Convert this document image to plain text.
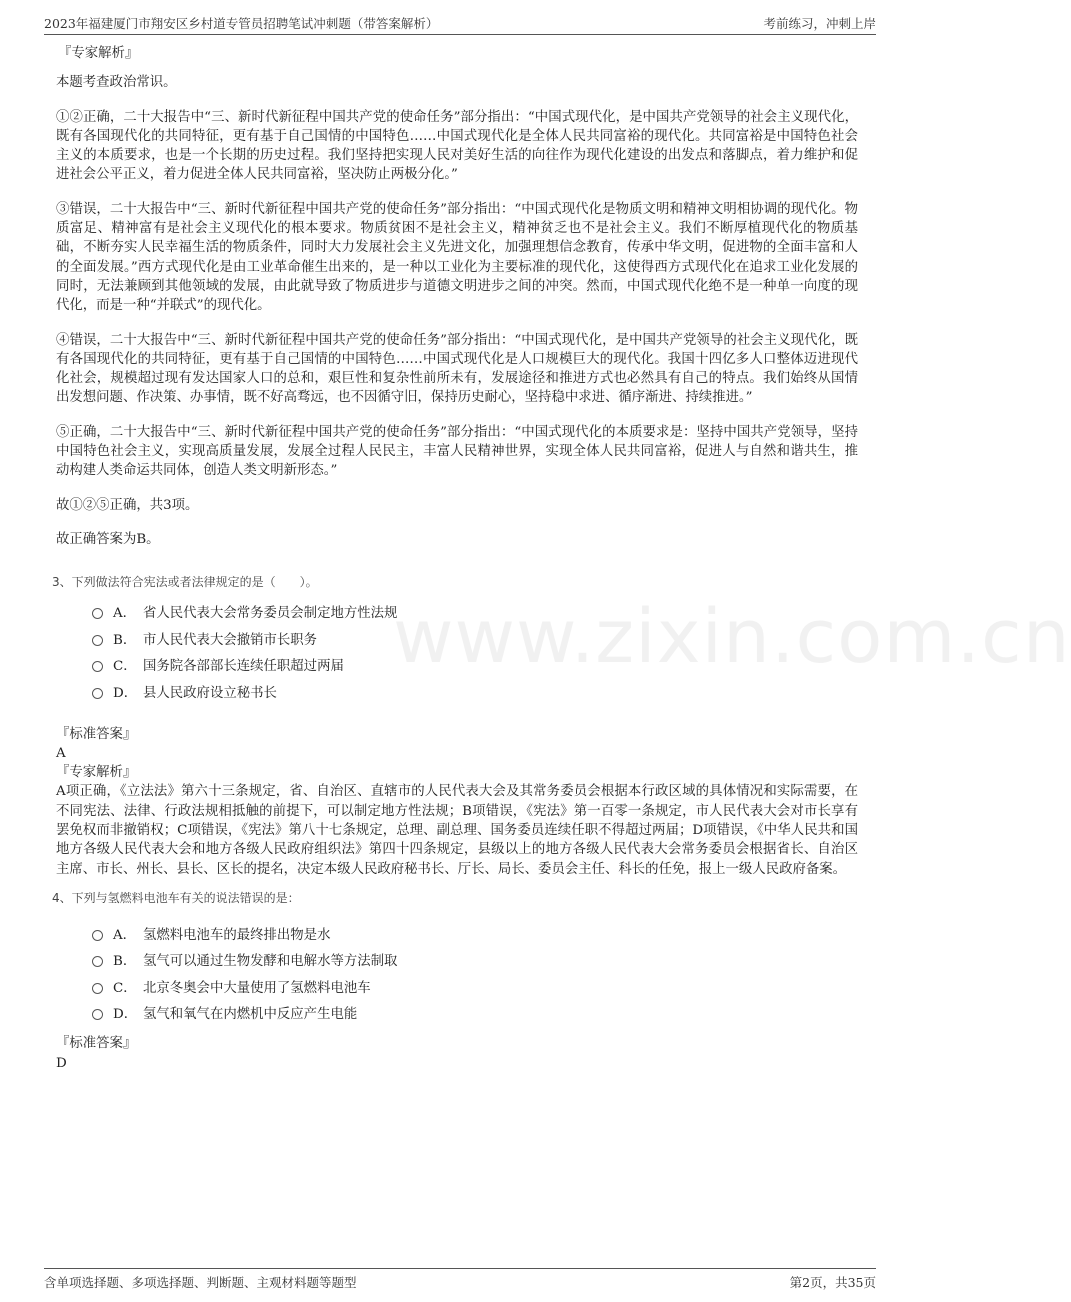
2023年福建厦门市翔安区乡村道专管员招聘笔试冲刺题（带答案解析）	考前练习，冲刺上岸
www.zixin.com.cn

『专家解析』

本题考查政治常识。

①②正确，二十大报告中“三、新时代新征程中国共产党的使命任务”部分指出：“中国式现代化，是中国共产党领导的社会主义现代化，既有各国现代化的共同特征，更有基于自己国情的中国特色……中国式现代化是全体人民共同富裕的现代化。共同富裕是中国特色社会主义的本质要求，也是一个长期的历史过程。我们坚持把实现人民对美好生活的向往作为现代化建设的出发点和落脚点，着力维护和促进社会公平正义，着力促进全体人民共同富裕，坚决防止两极分化。”

③错误，二十大报告中“三、新时代新征程中国共产党的使命任务”部分指出：“中国式现代化是物质文明和精神文明相协调的现代化。物质富足、精神富有是社会主义现代化的根本要求。物质贫困不是社会主义，精神贫乏也不是社会主义。我们不断厚植现代化的物质基础，不断夯实人民幸福生活的物质条件，同时大力发展社会主义先进文化，加强理想信念教育，传承中华文明，促进物的全面丰富和人的全面发展。”西方式现代化是由工业革命催生出来的，是一种以工业化为主要标准的现代化，这使得西方式现代化在追求工业化发展的同时，无法兼顾到其他领域的发展，由此就导致了物质进步与道德文明进步之间的冲突。然而，中国式现代化绝不是一种单一向度的现代化，而是一种“并联式”的现代化。

④错误，二十大报告中“三、新时代新征程中国共产党的使命任务”部分指出：“中国式现代化，是中国共产党领导的社会主义现代化，既有各国现代化的共同特征，更有基于自己国情的中国特色……中国式现代化是人口规模巨大的现代化。我国十四亿多人口整体迈进现代化社会，规模超过现有发达国家人口的总和，艰巨性和复杂性前所未有，发展途径和推进方式也必然具有自己的特点。我们始终从国情出发想问题、作决策、办事情，既不好高骛远，也不因循守旧，保持历史耐心，坚持稳中求进、循序渐进、持续推进。”

⑤正确，二十大报告中“三、新时代新征程中国共产党的使命任务”部分指出：“中国式现代化的本质要求是：坚持中国共产党领导，坚持中国特色社会主义，实现高质量发展，发展全过程人民民主，丰富人民精神世界，实现全体人民共同富裕，促进人与自然和谐共生，推动构建人类命运共同体，创造人类文明新形态。”

故①②⑤正确，共3项。

故正确答案为B。

3、下列做法符合宪法或者法律规定的是（　　）。

A． 省人民代表大会常务委员会制定地方性法规
B． 市人民代表大会撤销市长职务
C． 国务院各部部长连续任职超过两届
D． 县人民政府设立秘书长

『标准答案』

A

『专家解析』

A项正确，《立法法》第六十三条规定，省、自治区、直辖市的人民代表大会及其常务委员会根据本行政区域的具体情况和实际需要，在不同宪法、法律、行政法规相抵触的前提下，可以制定地方性法规；B项错误，《宪法》第一百零一条规定，市人民代表大会对市长享有罢免权而非撤销权；C项错误，《宪法》第八十七条规定，总理、副总理、国务委员连续任职不得超过两届；D项错误，《中华人民共和国地方各级人民代表大会和地方各级人民政府组织法》第四十四条规定，县级以上的地方各级人民代表大会常务委员会根据省长、自治区主席、市长、州长、县长、区长的提名，决定本级人民政府秘书长、厅长、局长、委员会主任、科长的任免，报上一级人民政府备案。

4、下列与氢燃料电池车有关的说法错误的是：

A． 氢燃料电池车的最终排出物是水
B． 氢气可以通过生物发酵和电解水等方法制取
C． 北京冬奥会中大量使用了氢燃料电池车
D． 氢气和氧气在内燃机中反应产生电能

『标准答案』

D

含单项选择题、多项选择题、判断题、主观材料题等题型	第2页，共35页
